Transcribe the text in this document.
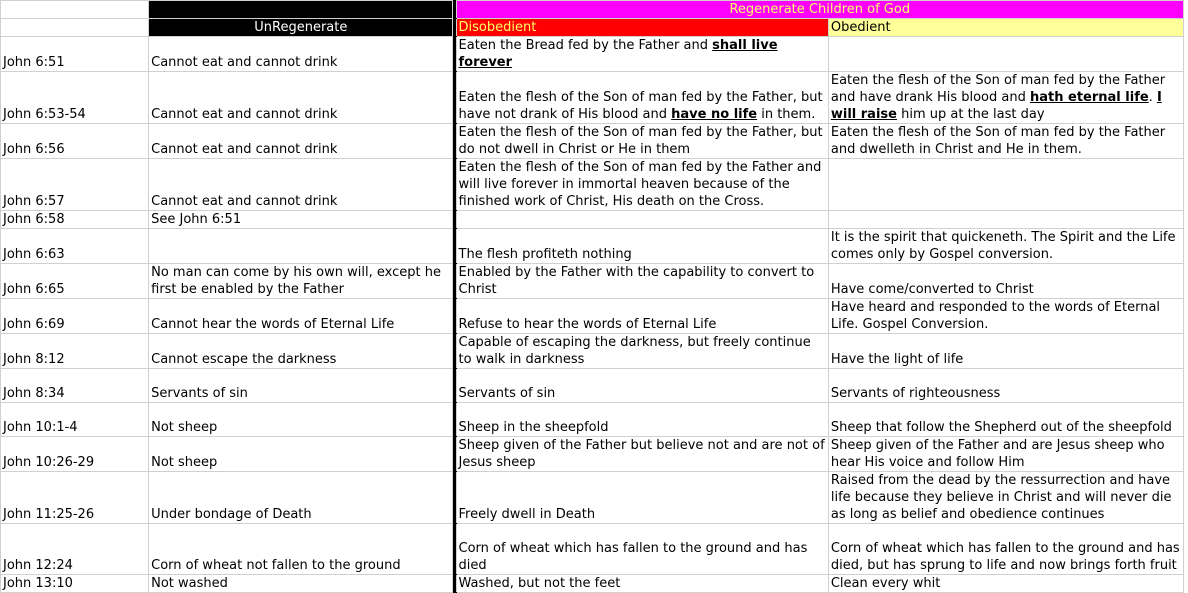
			Regenerate Children of God	
	UnRegenerate		Disobedient	Obedient
John 6:51	Cannot eat and cannot drink		Eaten the Bread fed by the Father and shall live forever	
John 6:53-54	Cannot eat and cannot drink		Eaten the flesh of the Son of man fed by the Father, but have not drank of His blood and have no life in them.	Eaten the flesh of the Son of man fed by the Father and have drank His blood and hath eternal life. I will raise him up at the last day
John 6:56	Cannot eat and cannot drink		Eaten the flesh of the Son of man fed by the Father, but do not dwell in Christ or He in them	Eaten the flesh of the Son of man fed by the Father and dwelleth in Christ and He in them.
John 6:57	Cannot eat and cannot drink		Eaten the flesh of the Son of man fed by the Father and will live forever in immortal heaven because of the finished work of Christ, His death on the Cross.	
John 6:58	See John 6:51			
John 6:63			The flesh profiteth nothing	It is the spirit that quickeneth. The Spirit and the Life comes only by Gospel conversion.
John 6:65	No man can come by his own will, except he first be enabled by the Father		Enabled by the Father with the capability to convert to Christ	Have come/converted to Christ
John 6:69	Cannot hear the words of Eternal Life		Refuse to hear the words of Eternal Life	Have heard and responded to the words of Eternal Life. Gospel Conversion.
John 8:12	Cannot escape the darkness		Capable of escaping the darkness, but freely continue to walk in darkness	Have the light of life
John 8:34	Servants of sin		Servants of sin	Servants of righteousness
John 10:1-4	Not sheep		Sheep in the sheepfold	Sheep that follow the Shepherd out of the sheepfold
John 10:26-29	Not sheep		Sheep given of the Father but believe not and are not of Jesus sheep	Sheep given of the Father and are Jesus sheep who hear His voice and follow Him
John 11:25-26	Under bondage of Death		Freely dwell in Death	Raised from the dead by the ressurrection and have life because they believe in Christ and will never die as long as belief and obedience continues
John 12:24	Corn of wheat not fallen to the ground		Corn of wheat which has fallen to the ground and has died	Corn of wheat which has fallen to the ground and has died, but has sprung to life and now brings forth fruit
John 13:10	Not washed		Washed, but not the feet	Clean every whit
